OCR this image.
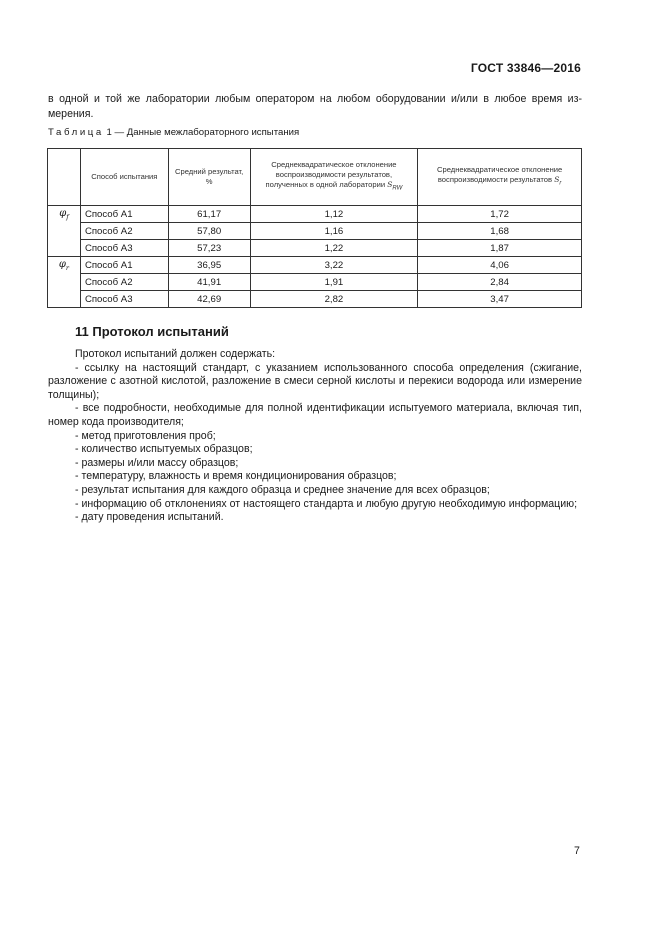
ГОСТ 33846—2016

в одной и той же лаборатории любым оператором на любом оборудовании и/или в любое время измерения.

Таблица 1 — Данные межлабораторного испытания

	Способ испытания	Средний результат, %	Среднеквадратическое отклонение воспроизводимости результатов, полученных в одной лаборатории $S_{RW}$	Среднеквадратическое отклонение воспроизводимости результатов $S_r$
$\varphi_f$	Способ А1	61,17	1,12	1,72
	Способ А2	57,80	1,16	1,68
	Способ А3	57,23	1,22	1,87
$\varphi_r$	Способ А1	36,95	3,22	4,06
	Способ А2	41,91	1,91	2,84
	Способ А3	42,69	2,82	3,47
11 Протокол испытаний

Протокол испытаний должен содержать:

- ссылку на настоящий стандарт, с указанием использованного способа определения (сжигание, разложение с азотной кислотой, разложение в смеси серной кислоты и перекиси водорода или измерение толщины);

- все подробности, необходимые для полной идентификации испытуемого материала, включая тип, номер кода производителя;

- метод приготовления проб;

- количество испытуемых образцов;

- размеры и/или массу образцов;

- температуру, влажность и время кондиционирования образцов;

- результат испытания для каждого образца и среднее значение для всех образцов;

- информацию об отклонениях от настоящего стандарта и любую другую необходимую информацию;

- дату проведения испытаний.

7
